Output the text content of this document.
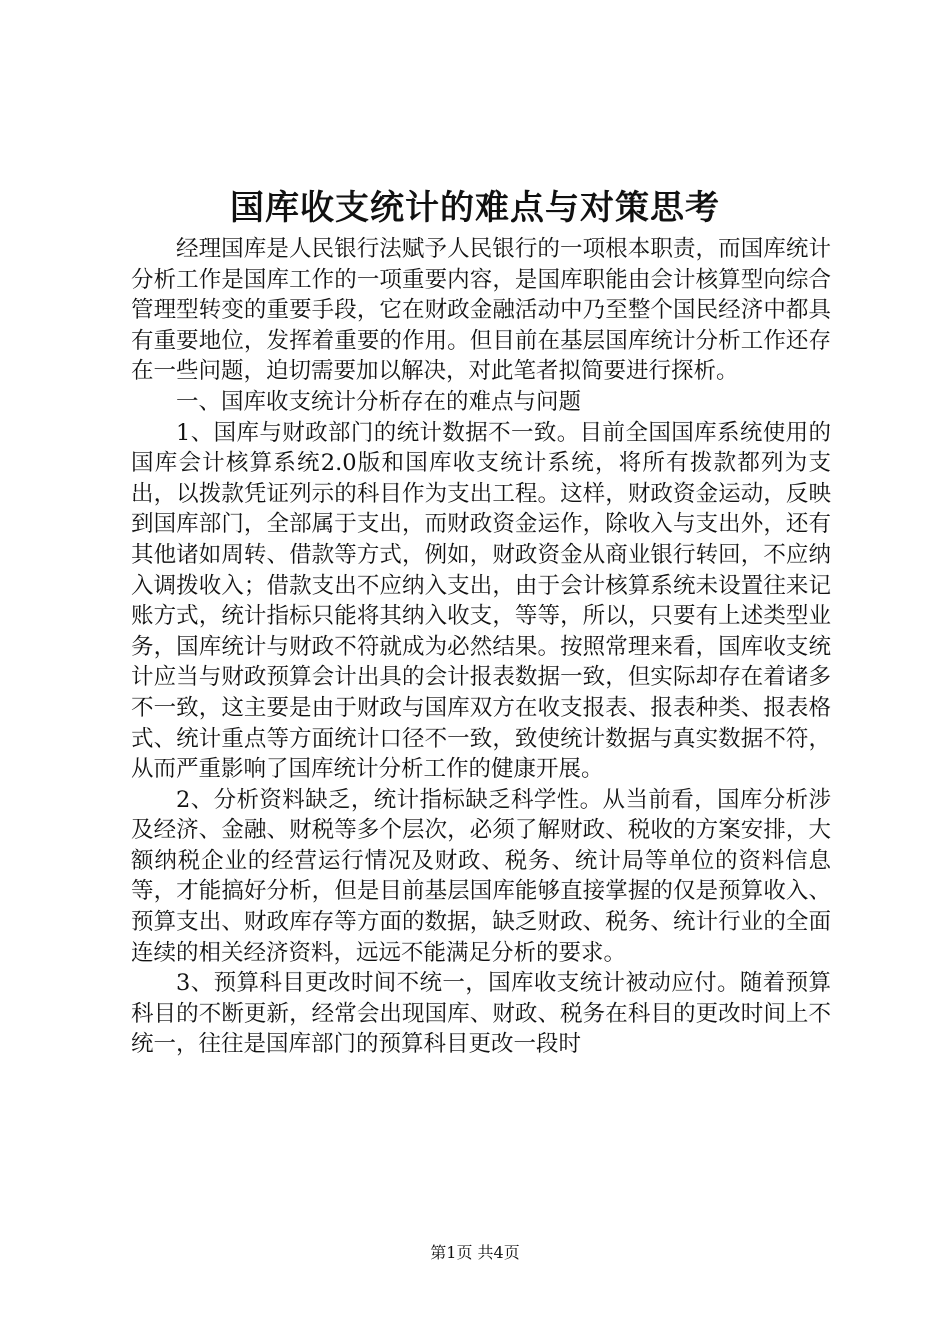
国库收支统计的难点与对策思考

经理国库是人民银行法赋予人民银行的一项根本职责，而国库统计分析工作是国库工作的一项重要内容，是国库职能由会计核算型向综合管理型转变的重要手段，它在财政金融活动中乃至整个国民经济中都具有重要地位，发挥着重要的作用。但目前在基层国库统计分析工作还存在一些问题，迫切需要加以解决，对此笔者拟简要进行探析。

一、国库收支统计分析存在的难点与问题

1、国库与财政部门的统计数据不一致。目前全国国库系统使用的国库会计核算系统2.0版和国库收支统计系统，将所有拨款都列为支出，以拨款凭证列示的科目作为支出工程。这样，财政资金运动，反映到国库部门，全部属于支出，而财政资金运作，除收入与支出外，还有其他诸如周转、借款等方式，例如，财政资金从商业银行转回，不应纳入调拨收入；借款支出不应纳入支出，由于会计核算系统未设置往来记账方式，统计指标只能将其纳入收支，等等，所以，只要有上述类型业务，国库统计与财政不符就成为必然结果。按照常理来看，国库收支统计应当与财政预算会计出具的会计报表数据一致，但实际却存在着诸多不一致，这主要是由于财政与国库双方在收支报表、报表种类、报表格式、统计重点等方面统计口径不一致，致使统计数据与真实数据不符，从而严重影响了国库统计分析工作的健康开展。

2、分析资料缺乏，统计指标缺乏科学性。从当前看，国库分析涉及经济、金融、财税等多个层次，必须了解财政、税收的方案安排，大额纳税企业的经营运行情况及财政、税务、统计局等单位的资料信息等，才能搞好分析，但是目前基层国库能够直接掌握的仅是预算收入、预算支出、财政库存等方面的数据，缺乏财政、税务、统计行业的全面连续的相关经济资料，远远不能满足分析的要求。

3、预算科目更改时间不统一，国库收支统计被动应付。随着预算科目的不断更新，经常会出现国库、财政、税务在科目的更改时间上不统一，往往是国库部门的预算科目更改一段时

第1页 共4页
